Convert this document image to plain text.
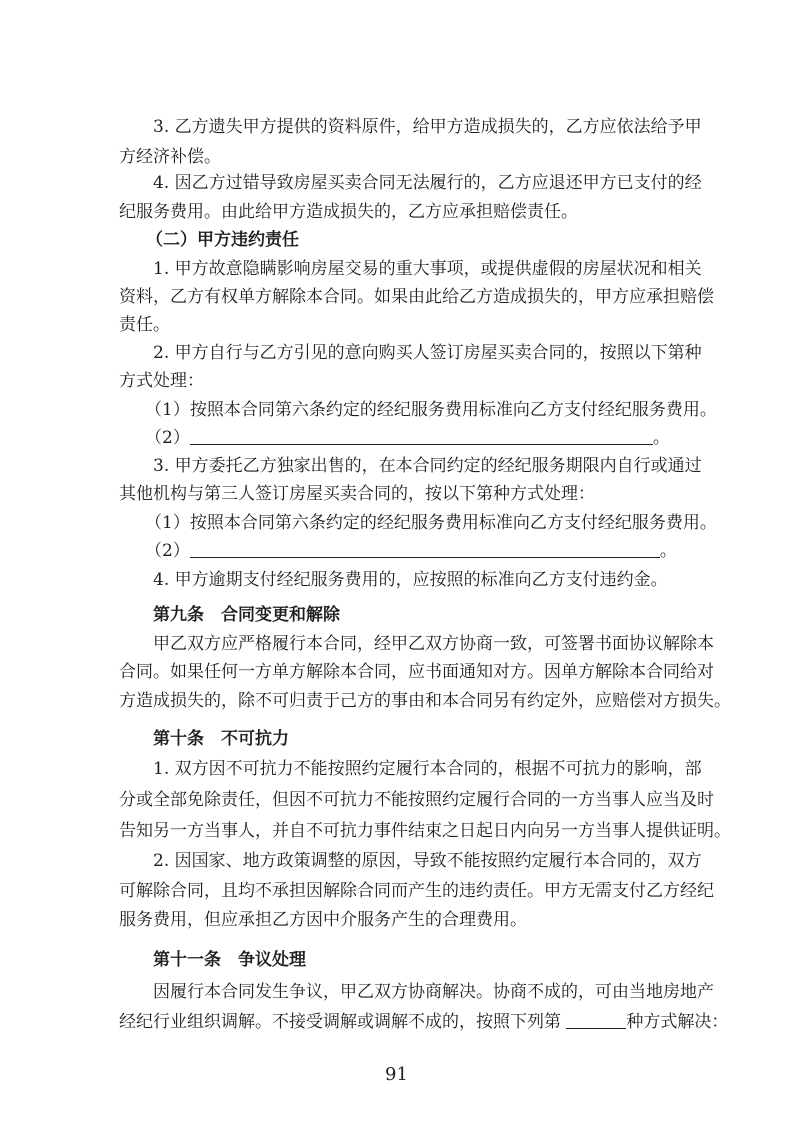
3. 乙方遗失甲方提供的资料原件，给甲方造成损失的，乙方应依法给予甲
方经济补偿。
4. 因乙方过错导致房屋买卖合同无法履行的，乙方应退还甲方已支付的经
纪服务费用。由此给甲方造成损失的，乙方应承担赔偿责任。
（二）甲方违约责任
1. 甲方故意隐瞒影响房屋交易的重大事项，或提供虚假的房屋状况和相关
资料，乙方有权单方解除本合同。如果由此给乙方造成损失的，甲方应承担赔偿
责任。
2. 甲方自行与乙方引见的意向购买人签订房屋买卖合同的，按照以下第种
方式处理：
（1）按照本合同第六条约定的经纪服务费用标准向乙方支付经纪服务费用。
（2）	。
3. 甲方委托乙方独家出售的，在本合同约定的经纪服务期限内自行或通过
其他机构与第三人签订房屋买卖合同的，按以下第种方式处理：
（1）按照本合同第六条约定的经纪服务费用标准向乙方支付经纪服务费用。
（2）	。
4. 甲方逾期支付经纪服务费用的，应按照的标准向乙方支付违约金。
第九条　合同变更和解除
甲乙双方应严格履行本合同，经甲乙双方协商一致，可签署书面协议解除本
合同。如果任何一方单方解除本合同，应书面通知对方。因单方解除本合同给对
方造成损失的，除不可归责于己方的事由和本合同另有约定外，应赔偿对方损失。
第十条　不可抗力
1. 双方因不可抗力不能按照约定履行本合同的，根据不可抗力的影响，部
分或全部免除责任，但因不可抗力不能按照约定履行合同的一方当事人应当及时
告知另一方当事人，并自不可抗力事件结束之日起日内向另一方当事人提供证明。
2. 因国家、地方政策调整的原因，导致不能按照约定履行本合同的，双方
可解除合同，且均不承担因解除合同而产生的违约责任。甲方无需支付乙方经纪
服务费用，但应承担乙方因中介服务产生的合理费用。
第十一条　争议处理
因履行本合同发生争议，甲乙双方协商解决。协商不成的，可由当地房地产
经纪行业组织调解。不接受调解或调解不成的，按照下列第	种方式解决：
91
